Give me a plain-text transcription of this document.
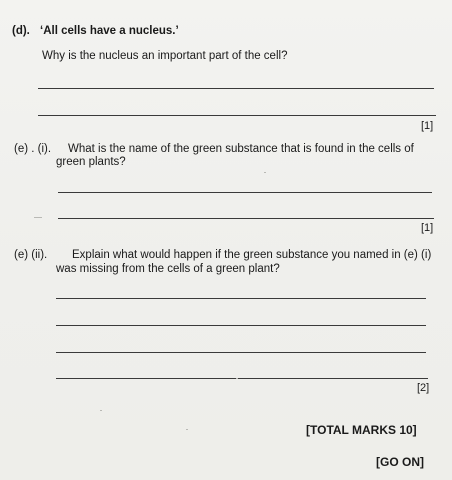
(d). ‘All cells have a nucleus.’
Why is the nucleus an important part of the cell?
[1]
(e) . (i). What is the name of the green substance that is found in the cells of
green plants?
[1]
(e) (ii). Explain what would happen if the green substance you named in (e) (i)
was missing from the cells of a green plant?
[2]
[TOTAL MARKS 10]
[GO ON]
